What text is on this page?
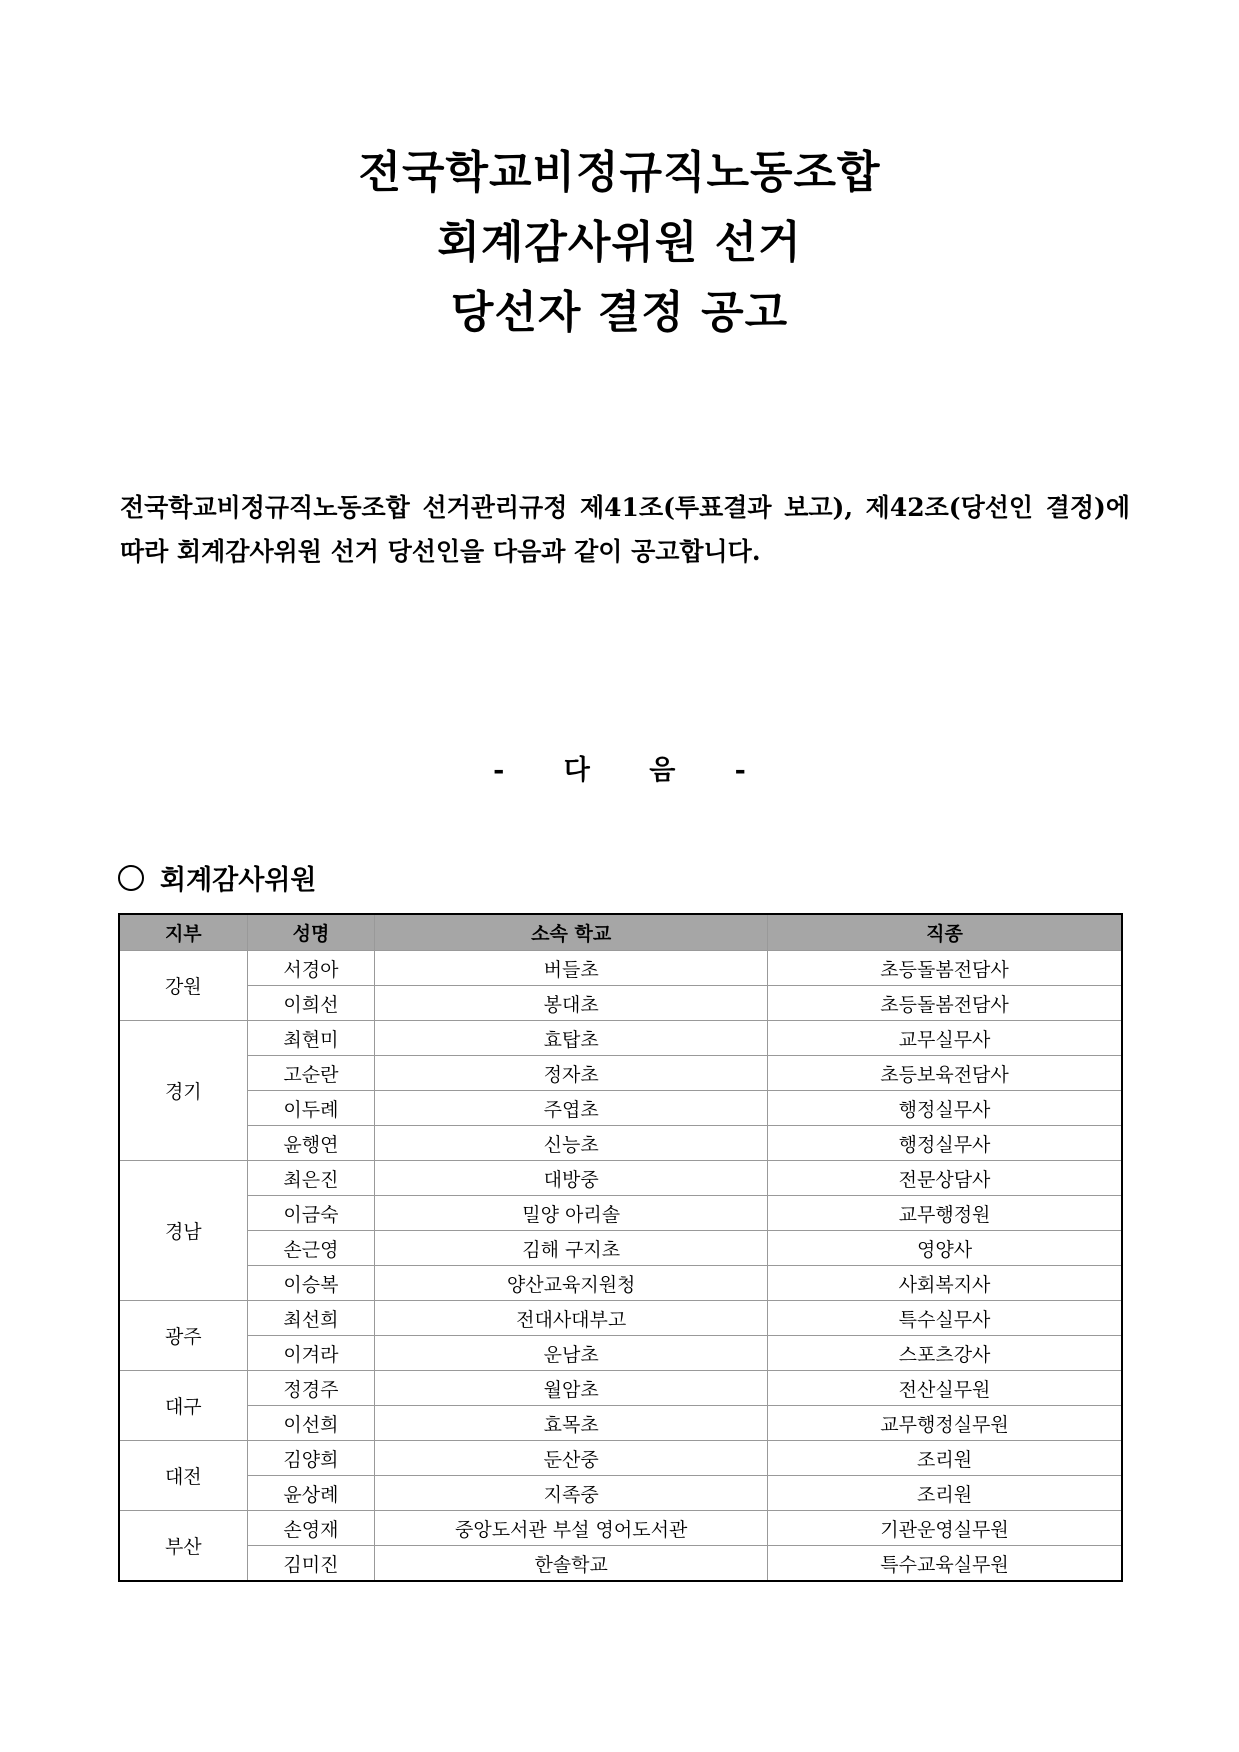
전국학교비정규직노동조합
회계감사위원 선거
당선자 결정 공고
전국학교비정규직노동조합 선거관리규정 제41조(투표결과 보고), 제42조(당선인 결정)에 따라 회계감사위원 선거 당선인을 다음과 같이 공고합니다.
- 다 음 -
회계감사위원
지부	성명	소속 학교	직종
강원	서경아	버들초	초등돌봄전담사
	이희선	봉대초	초등돌봄전담사
경기	최현미	효탑초	교무실무사
	고순란	정자초	초등보육전담사
	이두례	주엽초	행정실무사
	윤행연	신능초	행정실무사
경남	최은진	대방중	전문상담사
	이금숙	밀양 아리솔	교무행정원
	손근영	김해 구지초	영양사
	이승복	양산교육지원청	사회복지사
광주	최선희	전대사대부고	특수실무사
	이겨라	운남초	스포츠강사
대구	정경주	월암초	전산실무원
	이선희	효목초	교무행정실무원
대전	김양희	둔산중	조리원
	윤상례	지족중	조리원
부산	손영재	중앙도서관 부설 영어도서관	기관운영실무원
	김미진	한솔학교	특수교육실무원
